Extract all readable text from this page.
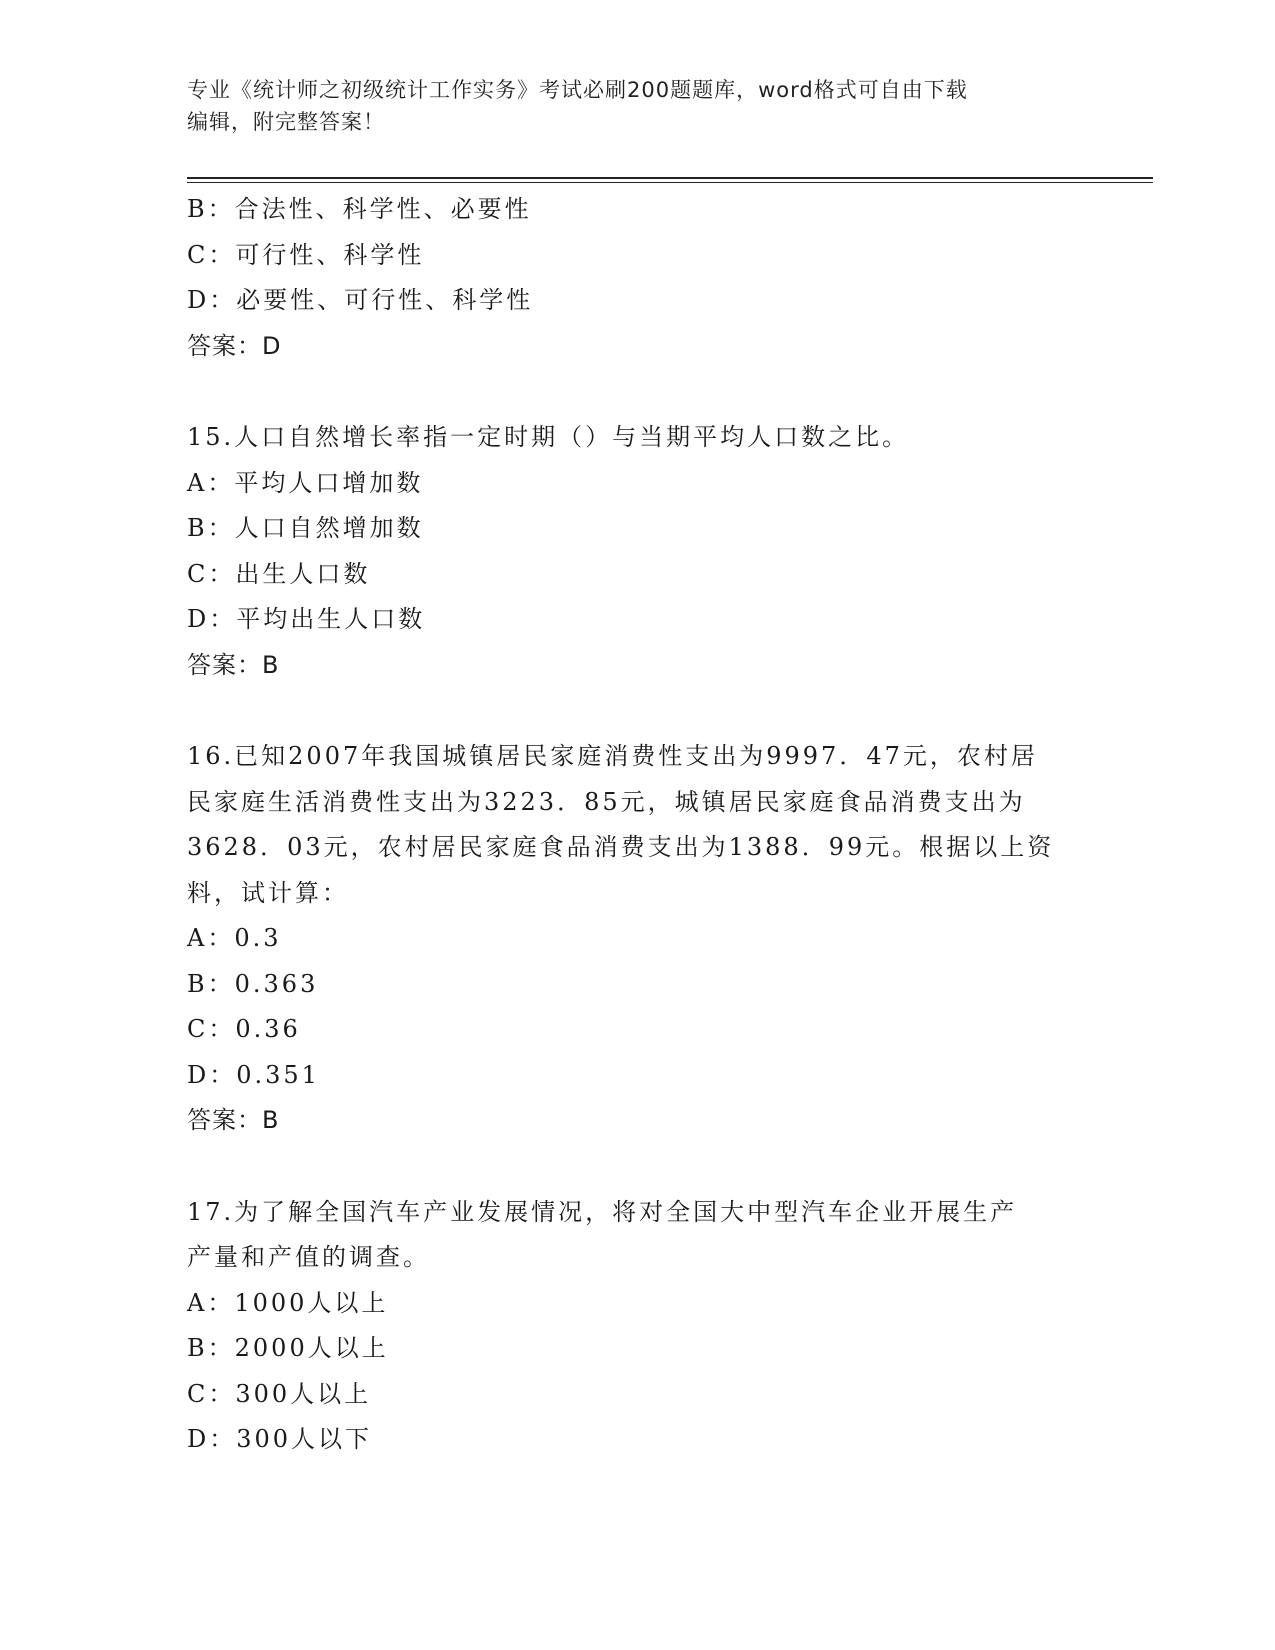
专业《统计师之初级统计工作实务》考试必刷200题题库，word格式可自由下载
编辑，附完整答案！
B：合法性、科学性、必要性
C：可行性、科学性
D：必要性、可行性、科学性
答案：D
15.人口自然增长率指一定时期（）与当期平均人口数之比。
A：平均人口增加数
B：人口自然增加数
C：出生人口数
D：平均出生人口数
答案：B
16.已知2007年我国城镇居民家庭消费性支出为9997．47元，农村居
民家庭生活消费性支出为3223．85元，城镇居民家庭食品消费支出为
3628．03元，农村居民家庭食品消费支出为1388．99元。根据以上资
料，试计算：
A：0.3
B：0.363
C：0.36
D：0.351
答案：B
17.为了解全国汽车产业发展情况，将对全国大中型汽车企业开展生产
产量和产值的调查。
A：1000人以上
B：2000人以上
C：300人以上
D：300人以下
